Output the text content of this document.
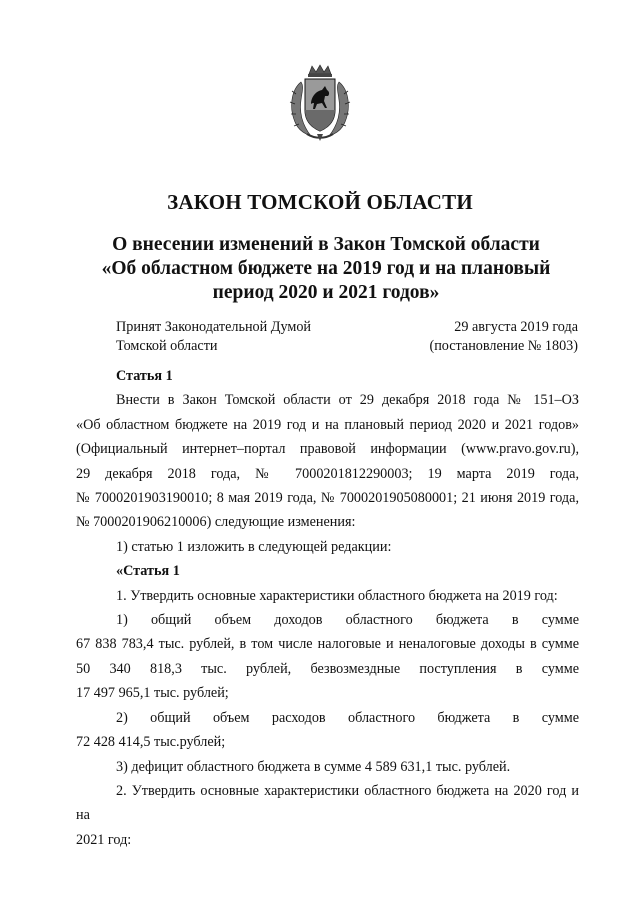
ЗАКОН ТОМСКОЙ ОБЛАСТИ
О внесении изменений в Закон Томской области
«Об областном бюджете на 2019 год и на плановый
период 2020 и 2021 годов»
Принят Законодательной Думой
Томской области
29 августа 2019 года
(постановление № 1803)

Статья 1

Внести в Закон Томской области от 29 декабря 2018 года № 151–ОЗ

«Об областном бюджете на 2019 год и на плановый период 2020 и 2021 годов»

(Официальный интернет–портал правовой информации (www.pravo.gov.ru),

29 декабря 2018 года, № 7000201812290003; 19 марта 2019 года,

№ 7000201903190010; 8 мая 2019 года, № 7000201905080001; 21 июня 2019 года,

№ 7000201906210006) следующие изменения:

1) статью 1 изложить в следующей редакции:

«Статья 1

1. Утвердить основные характеристики областного бюджета на 2019 год:

1) общий объем доходов областного бюджета в сумме

67 838 783,4 тыс. рублей, в том числе налоговые и неналоговые доходы в сумме

50 340 818,3 тыс. рублей, безвозмездные поступления в сумме

17 497 965,1 тыс. рублей;

2) общий объем расходов областного бюджета в сумме

72 428 414,5 тыс.рублей;

3) дефицит областного бюджета в сумме 4 589 631,1 тыс. рублей.

2. Утвердить основные характеристики областного бюджета на 2020 год и на

2021 год:
